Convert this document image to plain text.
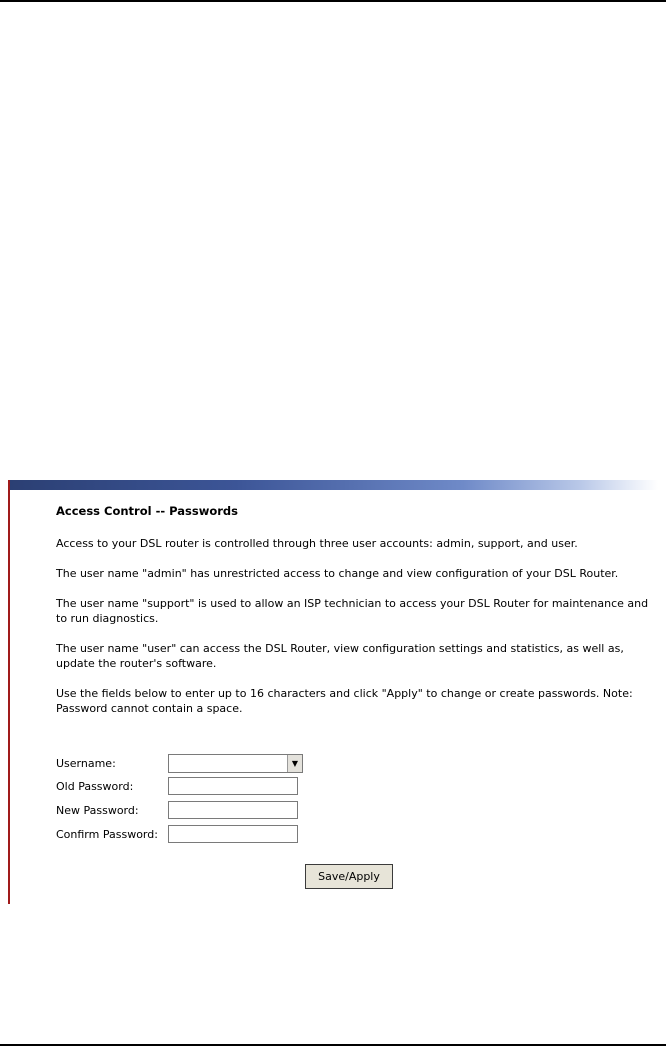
Access Control -- Passwords
Access to your DSL router is controlled through three user accounts: admin, support, and user.
The user name "admin" has unrestricted access to change and view configuration of your DSL Router.
The user name "support" is used to allow an ISP technician to access your DSL Router for maintenance and to run diagnostics.
The user name "user" can access the DSL Router, view configuration settings and statistics, as well as, update the router's software.
Use the fields below to enter up to 16 characters and click "Apply" to change or create passwords. Note: Password cannot contain a space.
Username:	▼
Old Password:
New Password:
Confirm Password:
Save/Apply
